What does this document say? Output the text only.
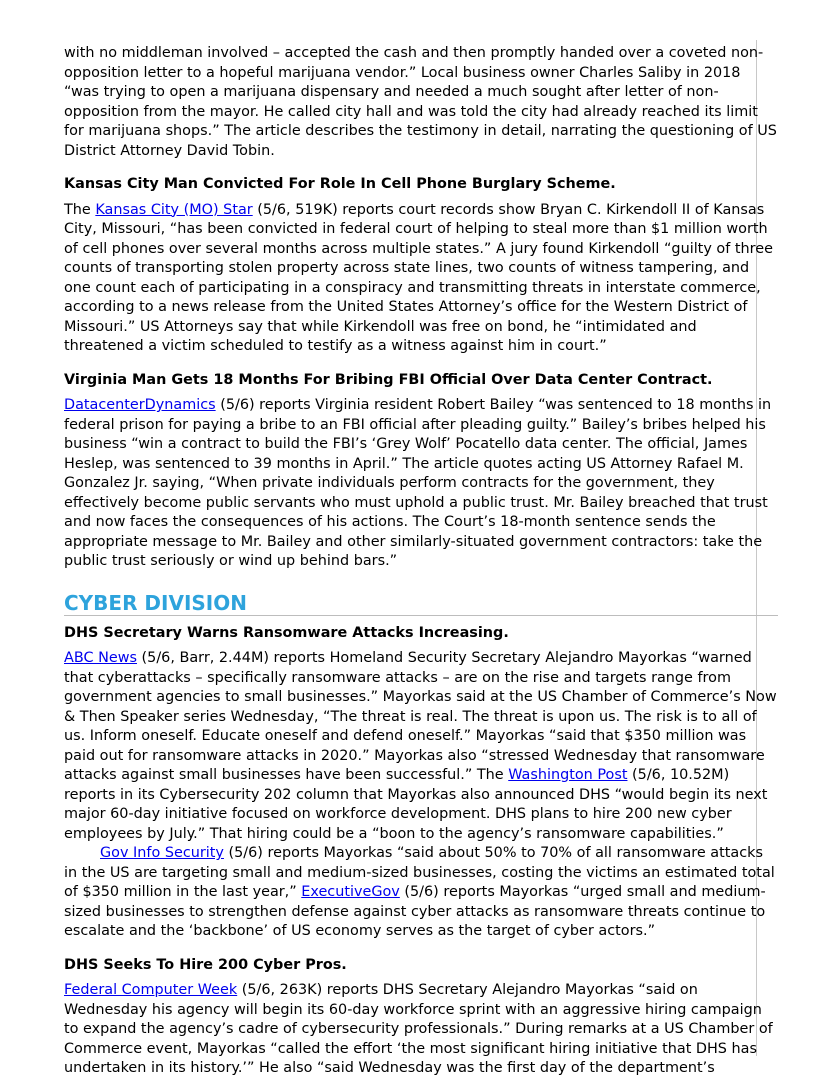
with no middleman involved – accepted the cash and then promptly handed over a coveted non-opposition letter to a hopeful marijuana vendor.” Local business owner Charles Saliby in 2018 “was trying to open a marijuana dispensary and needed a much sought after letter of non-opposition from the mayor. He called city hall and was told the city had already reached its limit for marijuana shops.” The article describes the testimony in detail, narrating the questioning of US District Attorney David Tobin.

Kansas City Man Convicted For Role In Cell Phone Burglary Scheme.

The Kansas City (MO) Star (5/6, 519K) reports court records show Bryan C. Kirkendoll II of Kansas City, Missouri, “has been convicted in federal court of helping to steal more than $1 million worth of cell phones over several months across multiple states.” A jury found Kirkendoll “guilty of three counts of transporting stolen property across state lines, two counts of witness tampering, and one count each of participating in a conspiracy and transmitting threats in interstate commerce, according to a news release from the United States Attorney’s office for the Western District of Missouri.” US Attorneys say that while Kirkendoll was free on bond, he “intimidated and threatened a victim scheduled to testify as a witness against him in court.”

Virginia Man Gets 18 Months For Bribing FBI Official Over Data Center Contract.

DatacenterDynamics (5/6) reports Virginia resident Robert Bailey “was sentenced to 18 months in federal prison for paying a bribe to an FBI official after pleading guilty.” Bailey’s bribes helped his business “win a contract to build the FBI’s ‘Grey Wolf’ Pocatello data center. The official, James Heslep, was sentenced to 39 months in April.” The article quotes acting US Attorney Rafael M. Gonzalez Jr. saying, “When private individuals perform contracts for the government, they effectively become public servants who must uphold a public trust. Mr. Bailey breached that trust and now faces the consequences of his actions. The Court’s 18-month sentence sends the appropriate message to Mr. Bailey and other similarly-situated government contractors: take the public trust seriously or wind up behind bars.”

CYBER DIVISION
DHS Secretary Warns Ransomware Attacks Increasing.

ABC News (5/6, Barr, 2.44M) reports Homeland Security Secretary Alejandro Mayorkas “warned that cyberattacks – specifically ransomware attacks – are on the rise and targets range from government agencies to small businesses.” Mayorkas said at the US Chamber of Commerce’s Now & Then Speaker series Wednesday, “The threat is real. The threat is upon us. The risk is to all of us. Inform oneself. Educate oneself and defend oneself.” Mayorkas “said that $350 million was paid out for ransomware attacks in 2020.” Mayorkas also “stressed Wednesday that ransomware attacks against small businesses have been successful.” The Washington Post (5/6, 10.52M) reports in its Cybersecurity 202 column that Mayorkas also announced DHS “would begin its next major 60-day initiative focused on workforce development. DHS plans to hire 200 new cyber employees by July.” That hiring could be a “boon to the agency’s ransomware capabilities.”

Gov Info Security (5/6) reports Mayorkas “said about 50% to 70% of all ransomware attacks in the US are targeting small and medium-sized businesses, costing the victims an estimated total of $350 million in the last year,” ExecutiveGov (5/6) reports Mayorkas “urged small and medium-sized businesses to strengthen defense against cyber attacks as ransomware threats continue to escalate and the ‘backbone’ of US economy serves as the target of cyber actors.”

DHS Seeks To Hire 200 Cyber Pros.

Federal Computer Week (5/6, 263K) reports DHS Secretary Alejandro Mayorkas “said on Wednesday his agency will begin its 60-day workforce sprint with an aggressive hiring campaign to expand the agency’s cadre of cybersecurity professionals.” During remarks at a US Chamber of Commerce event, Mayorkas “called the effort ‘the most significant hiring initiative that DHS has undertaken in its history.’” He also “said Wednesday was the first day of the department’s
